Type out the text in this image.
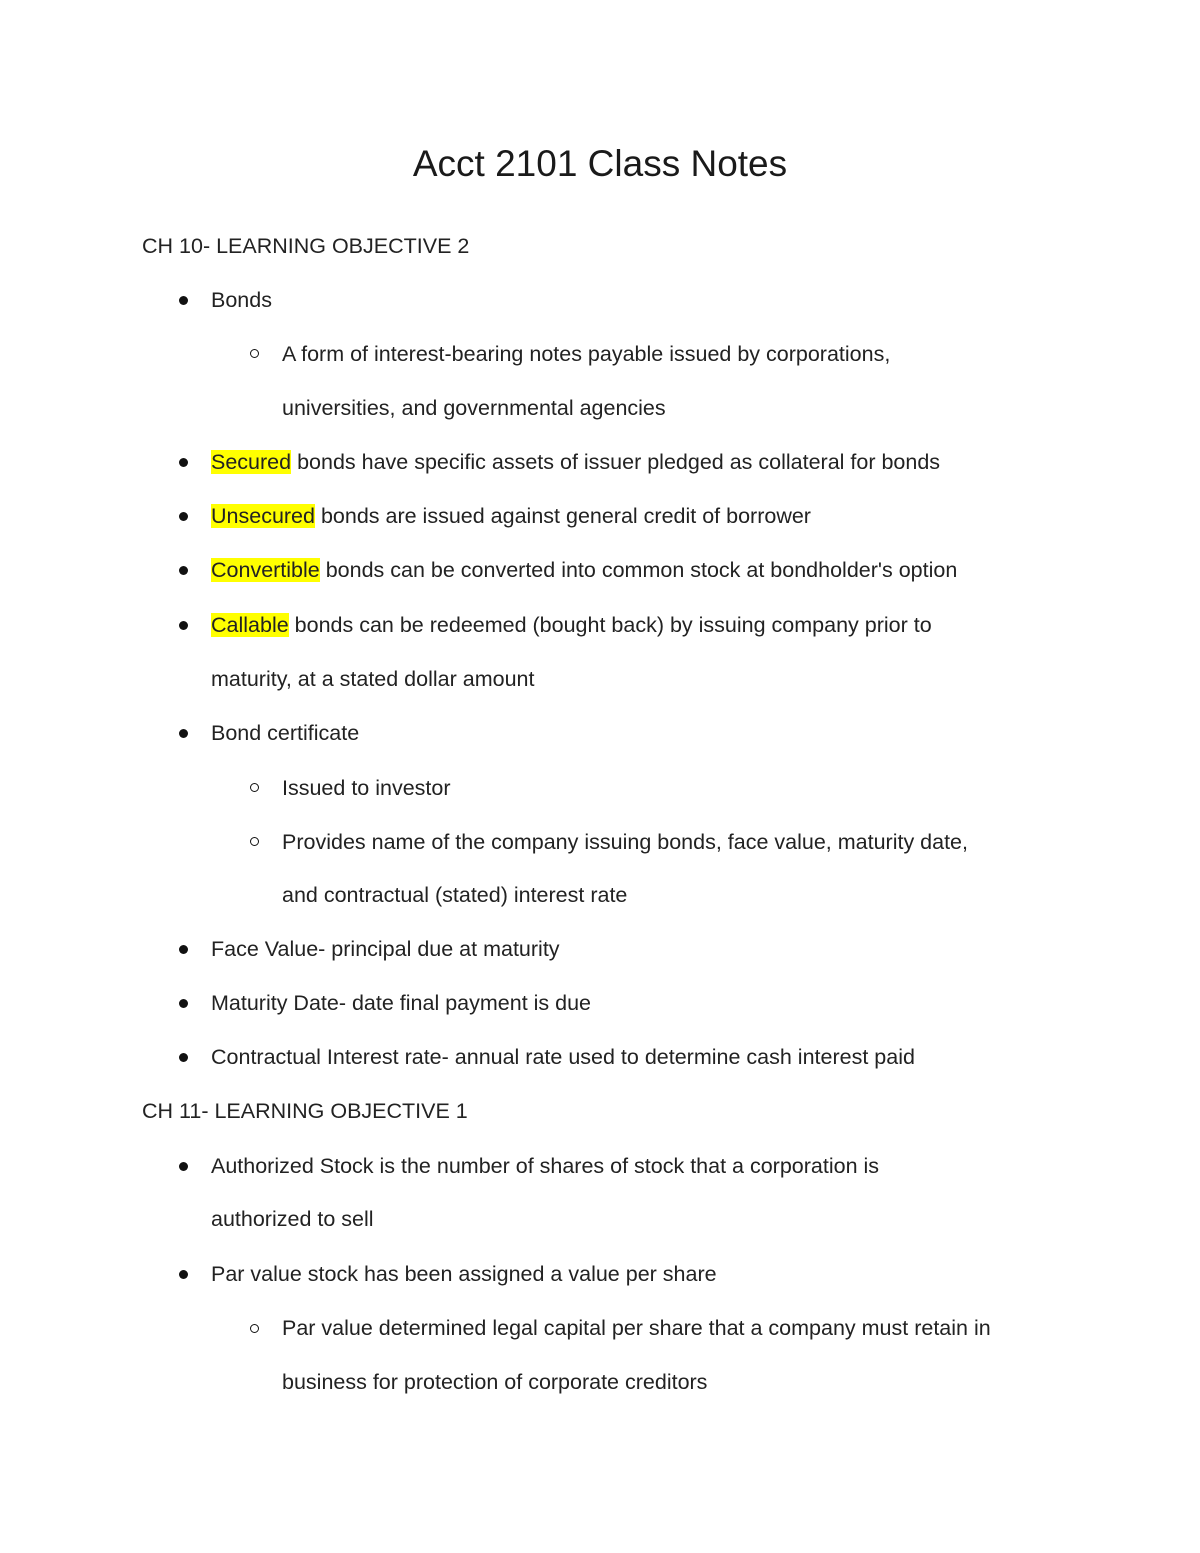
Acct 2101 Class Notes
CH 10- LEARNING OBJECTIVE 2
Bonds
A form of interest-bearing notes payable issued by corporations,
universities, and governmental agencies
Secured bonds have specific assets of issuer pledged as collateral for bonds
Unsecured bonds are issued against general credit of borrower
Convertible bonds can be converted into common stock at bondholder's option
Callable bonds can be redeemed (bought back) by issuing company prior to
maturity, at a stated dollar amount
Bond certificate
Issued to investor
Provides name of the company issuing bonds, face value, maturity date,
and contractual (stated) interest rate
Face Value- principal due at maturity
Maturity Date- date final payment is due
Contractual Interest rate- annual rate used to determine cash interest paid
CH 11- LEARNING OBJECTIVE 1
Authorized Stock is the number of shares of stock that a corporation is
authorized to sell
Par value stock has been assigned a value per share
Par value determined legal capital per share that a company must retain in
business for protection of corporate creditors
